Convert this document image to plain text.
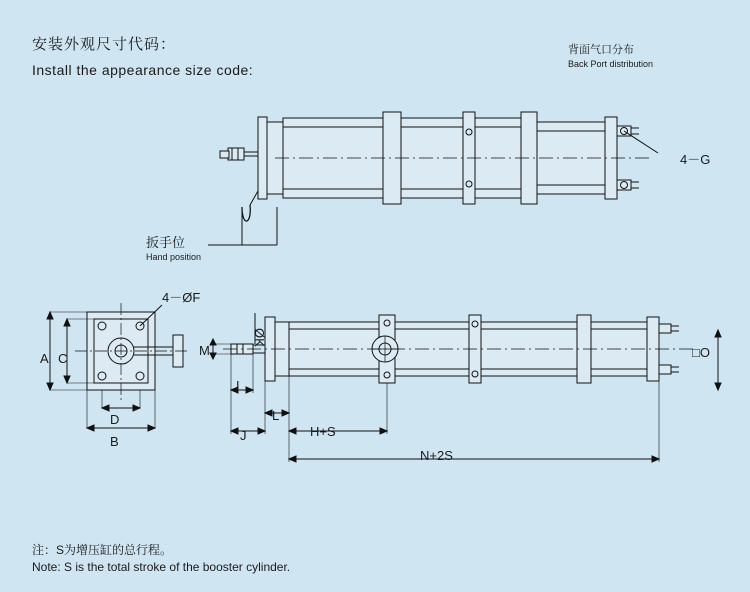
安装外观尺寸代码：
Install the appearance size code:
背面气口分布
Back Port distribution
4－G
扳手位
Hand position
4－ØF
A C
D
B
ØK
M
I
L
J	H+S
N+2S
□O
注：S为增压缸的总行程。
Note: S is the total stroke of the booster cylinder.
